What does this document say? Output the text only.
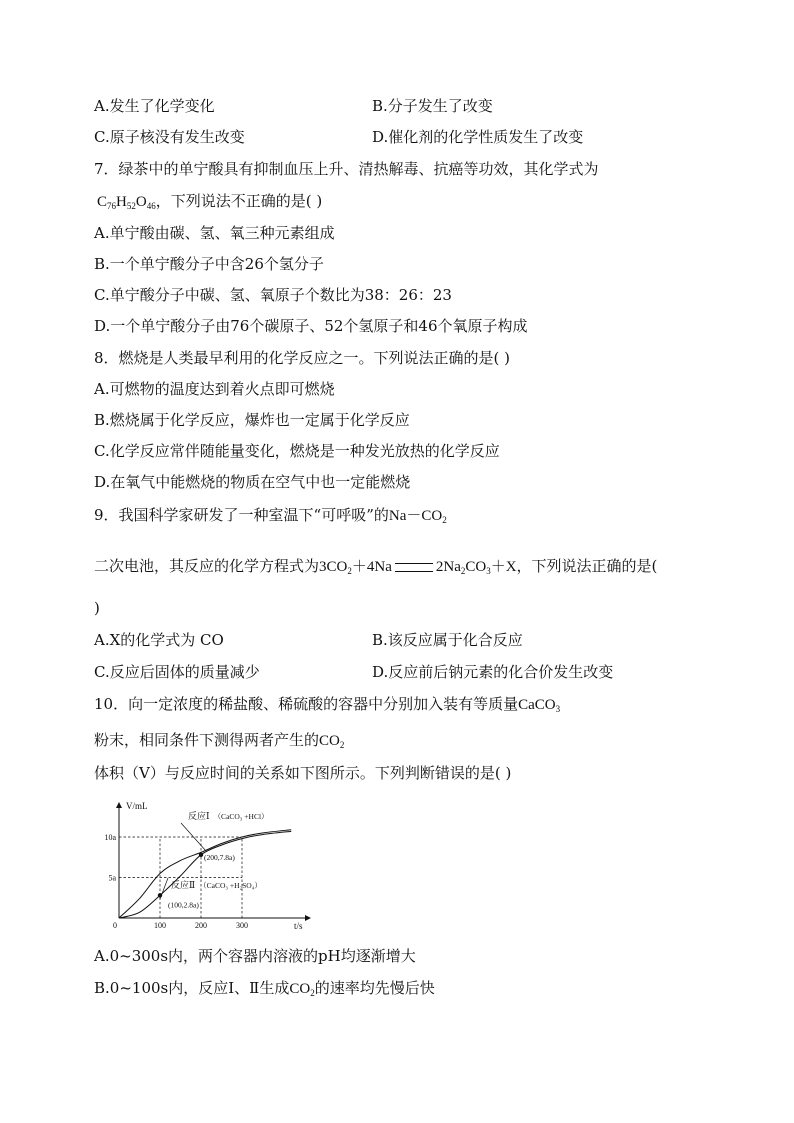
A.发生了化学变化	B.分子发生了改变
C.原子核没有发生改变	D.催化剂的化学性质发生了改变
7．绿茶中的单宁酸具有抑制血压上升、清热解毒、抗癌等功效，其化学式为
$C_{76}H_{52}O_{46}$，下列说法不正确的是( )
A.单宁酸由碳、氢、氧三种元素组成
B.一个单宁酸分子中含26个氢分子
C.单宁酸分子中碳、氢、氧原子个数比为38：26：23
D.一个单宁酸分子由76个碳原子、52个氢原子和46个氧原子构成
8．燃烧是人类最早利用的化学反应之一。下列说法正确的是( )
A.可燃物的温度达到着火点即可燃烧
B.燃烧属于化学反应，爆炸也一定属于化学反应
C.化学反应常伴随能量变化，燃烧是一种发光放热的化学反应
D.在氧气中能燃烧的物质在空气中也一定能燃烧
9．我国科学家研发了一种室温下“可呼吸”的$Na-CO_2$
二次电池，其反应的化学方程式为$3CO_2+4Na$	$2Na_2CO_3+X$，下列说法正确的是(
)
A.X的化学式为 CO	B.该反应属于化合反应
C.反应后固体的质量减少	D.反应前后钠元素的化合价发生改变
10．向一定浓度的稀盐酸、稀硫酸的容器中分别加入装有等质量CaCO$_3$
粉末，相同条件下测得两者产生的$CO_2$
体积（V）与反应时间的关系如下图所示。下列判断错误的是( )
V/mL
t/s
0	100	200	300
5a
10a
(200,7.8a)
(100,2.8a)
反应Ⅰ （CaCO₃ +HCl）
反应Ⅱ （CaCO₃ +H₂SO₄）
A.0~300s内，两个容器内溶液的pH均逐渐增大
B.0~100s内，反应Ⅰ、Ⅱ生成$CO_2$的速率均先慢后快
